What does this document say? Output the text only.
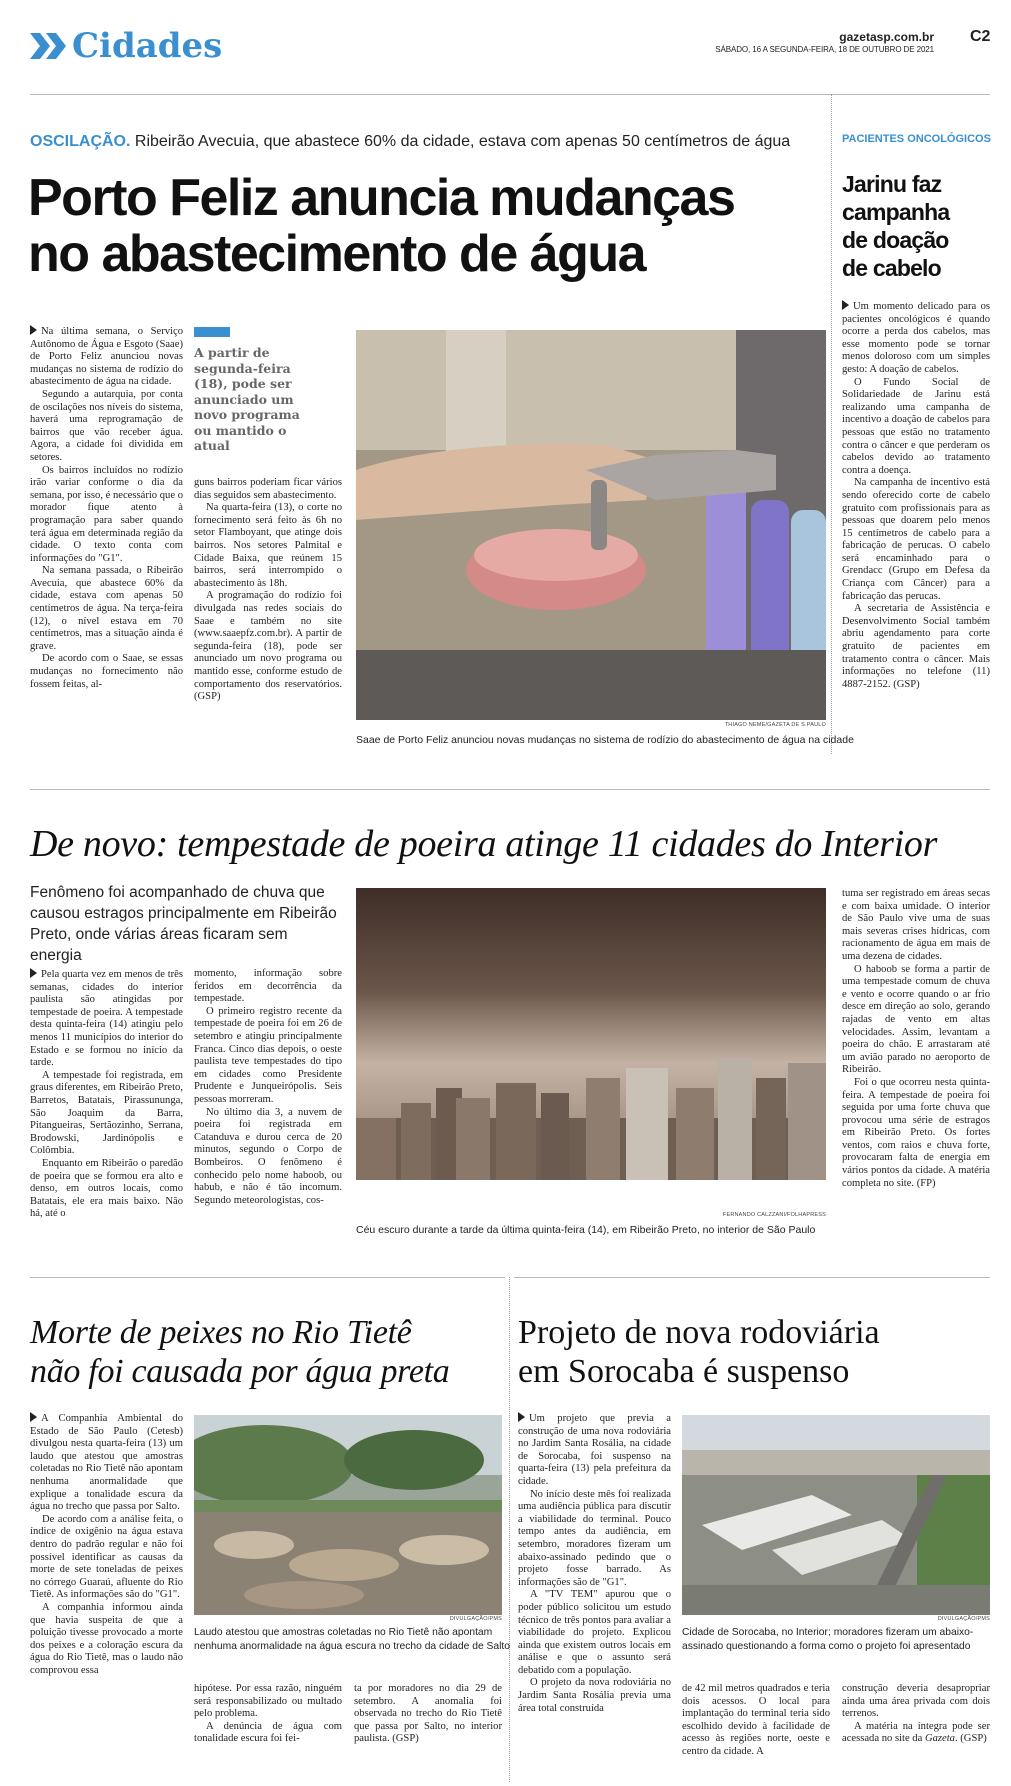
Cidades	gazetasp.com.br
SÁBADO, 16 A SEGUNDA-FEIRA, 18 DE OUTUBRO DE 2021
C2
OSCILAÇÃO. Ribeirão Avecuia, que abastece 60% da cidade, estava com apenas 50 centímetros de água
Porto Feliz anuncia mudanças
no abastecimento de água

Na última semana, o Serviço Autônomo de Água e Esgoto (Saae) de Porto Feliz anunciou novas mudanças no sistema de rodízio do abastecimento de água na cidade.

Segundo a autarquia, por conta de oscilações nos níveis do sistema, haverá uma reprogramação de bairros que vão receber água. Agora, a cidade foi dividida em setores.

Os bairros incluídos no rodízio irão variar conforme o dia da semana, por isso, é necessário que o morador fique atento à programação para saber quando terá água em determinada região da cidade. O texto conta com informações do "G1".

Na semana passada, o Ribeirão Avecuia, que abastece 60% da cidade, estava com apenas 50 centímetros de água. Na terça-feira (12), o nível estava em 70 centímetros, mas a situação ainda é grave.

De acordo com o Saae, se essas mudanças no fornecimento não fossem feitas, al-

A partir de segunda-feira (18), pode ser anunciado um novo programa ou mantido o atual

guns bairros poderiam ficar vários dias seguidos sem abastecimento.

Na quarta-feira (13), o corte no fornecimento será feito às 6h no setor Flamboyant, que atinge dois bairros. Nos setores Palmital e Cidade Baixa, que reúnem 15 bairros, será interrompido o abastecimento às 18h.

A programação do rodízio foi divulgada nas redes sociais do Saae e também no site (www.saaepfz.com.br). A partir de segunda-feira (18), pode ser anunciado um novo programa ou mantido esse, conforme estudo de comportamento dos reservatórios. (GSP)

THIAGO NEME/GAZETA DE S.PAULO
Saae de Porto Feliz anunciou novas mudanças no sistema de rodízio do abastecimento de água na cidade
PACIENTES ONCOLÓGICOS
Jarinu faz campanha de doação de cabelo

Um momento delicado para os pacientes oncológicos é quando ocorre a perda dos cabelos, mas esse momento pode se tornar menos doloroso com um simples gesto: A doação de cabelos.

O Fundo Social de Solidariedade de Jarinu está realizando uma campanha de incentivo a doação de cabelos para pessoas que estão no tratamento contra o câncer e que perderam os cabelos devido ao tratamento contra a doença.

Na campanha de incentivo está sendo oferecido corte de cabelo gratuito com profissionais para as pessoas que doarem pelo menos 15 centímetros de cabelo para a fabricação de perucas. O cabelo será encaminhado para o Grendacc (Grupo em Defesa da Criança com Câncer) para a fabricação das perucas.

A secretaria de Assistência e Desenvolvimento Social também abriu agendamento para corte gratuito de pacientes em tratamento contra o câncer. Mais informações no telefone (11) 4887-2152. (GSP)

De novo: tempestade de poeira atinge 11 cidades do Interior
Fenômeno foi acompanhado de chuva que causou estragos principalmente em Ribeirão Preto, onde várias áreas ficaram sem energia

Pela quarta vez em menos de três semanas, cidades do interior paulista são atingidas por tempestade de poeira. A tempestade desta quinta-feira (14) atingiu pelo menos 11 municípios do interior do Estado e se formou no início da tarde.

A tempestade foi registrada, em graus diferentes, em Ribeirão Preto, Barretos, Batatais, Pirassununga, São Joaquim da Barra, Pitangueiras, Sertãozinho, Serrana, Brodowski, Jardinópolis e Colômbia.

Enquanto em Ribeirão o paredão de poeira que se formou era alto e denso, em outros locais, como Batatais, ele era mais baixo. Não há, até o

momento, informação sobre feridos em decorrência da tempestade.

O primeiro registro recente da tempestade de poeira foi em 26 de setembro e atingiu principalmente Franca. Cinco dias depois, o oeste paulista teve tempestades do tipo em cidades como Presidente Prudente e Junqueirópolis. Seis pessoas morreram.

No último dia 3, a nuvem de poeira foi registrada em Catanduva e durou cerca de 20 minutos, segundo o Corpo de Bombeiros. O fenômeno é conhecido pelo nome haboob, ou habub, e não é tão incomum. Segundo meteorologistas, cos-

FERNANDO CALZZANI/FOLHAPRESS
Céu escuro durante a tarde da última quinta-feira (14), em Ribeirão Preto, no interior de São Paulo

tuma ser registrado em áreas secas e com baixa umidade. O interior de São Paulo vive uma de suas mais severas crises hídricas, com racionamento de água em mais de uma dezena de cidades.

O haboob se forma a partir de uma tempestade comum de chuva e vento e ocorre quando o ar frio desce em direção ao solo, gerando rajadas de vento em altas velocidades. Assim, levantam a poeira do chão. E arrastaram até um avião parado no aeroporto de Ribeirão.

Foi o que ocorreu nesta quinta-feira. A tempestade de poeira foi seguida por uma forte chuva que provocou uma série de estragos em Ribeirão Preto. Os fortes ventos, com raios e chuva forte, provocaram falta de energia em vários pontos da cidade. A matéria completa no site. (FP)

Morte de peixes no Rio Tietê
não foi causada por água preta

A Companhia Ambiental do Estado de São Paulo (Cetesb) divulgou nesta quarta-feira (13) um laudo que atestou que amostras coletadas no Rio Tietê não apontam nenhuma anormalidade que explique a tonalidade escura da água no trecho que passa por Salto.

De acordo com a análise feita, o índice de oxigênio na água estava dentro do padrão regular e não foi possível identificar as causas da morte de sete toneladas de peixes no córrego Guaraú, afluente do Rio Tietê. As informações são do "G1".

A companhia informou ainda que havia suspeita de que a poluição tivesse provocado a morte dos peixes e a coloração escura da água do Rio Tietê, mas o laudo não comprovou essa

DIVULGAÇÃO/PMS
Laudo atestou que amostras coletadas no Rio Tietê não apontam nenhuma anormalidade na água escura no trecho da cidade de Salto

hipótese. Por essa razão, ninguém será responsabilizado ou multado pelo problema.

A denúncia de água com tonalidade escura foi fei-

ta por moradores no dia 29 de setembro. A anomalia foi observada no trecho do Rio Tietê que passa por Salto, no interior paulista. (GSP)

Projeto de nova rodoviária
em Sorocaba é suspenso

Um projeto que previa a construção de uma nova rodoviária no Jardim Santa Rosália, na cidade de Sorocaba, foi suspenso na quarta-feira (13) pela prefeitura da cidade.

No início deste mês foi realizada uma audiência pública para discutir a viabilidade do terminal. Pouco tempo antes da audiência, em setembro, moradores fizeram um abaixo-assinado pedindo que o projeto fosse barrado. As informações são de "G1".

A "TV TEM" apurou que o poder público solicitou um estudo técnico de três pontos para avaliar a viabilidade do projeto. Explicou ainda que existem outros locais em análise e que o assunto será debatido com a população.

O projeto da nova rodoviária no Jardim Santa Rosália previa uma área total construída

DIVULGAÇÃO/PMS
Cidade de Sorocaba, no Interior; moradores fizeram um abaixo-assinado questionando a forma como o projeto foi apresentado

de 42 mil metros quadrados e teria dois acessos. O local para implantação do terminal teria sido escolhido devido à facilidade de acesso às regiões norte, oeste e centro da cidade. A

construção deveria desapropriar ainda uma área privada com dois terrenos.

A matéria na íntegra pode ser acessada no site da Gazeta. (GSP)
